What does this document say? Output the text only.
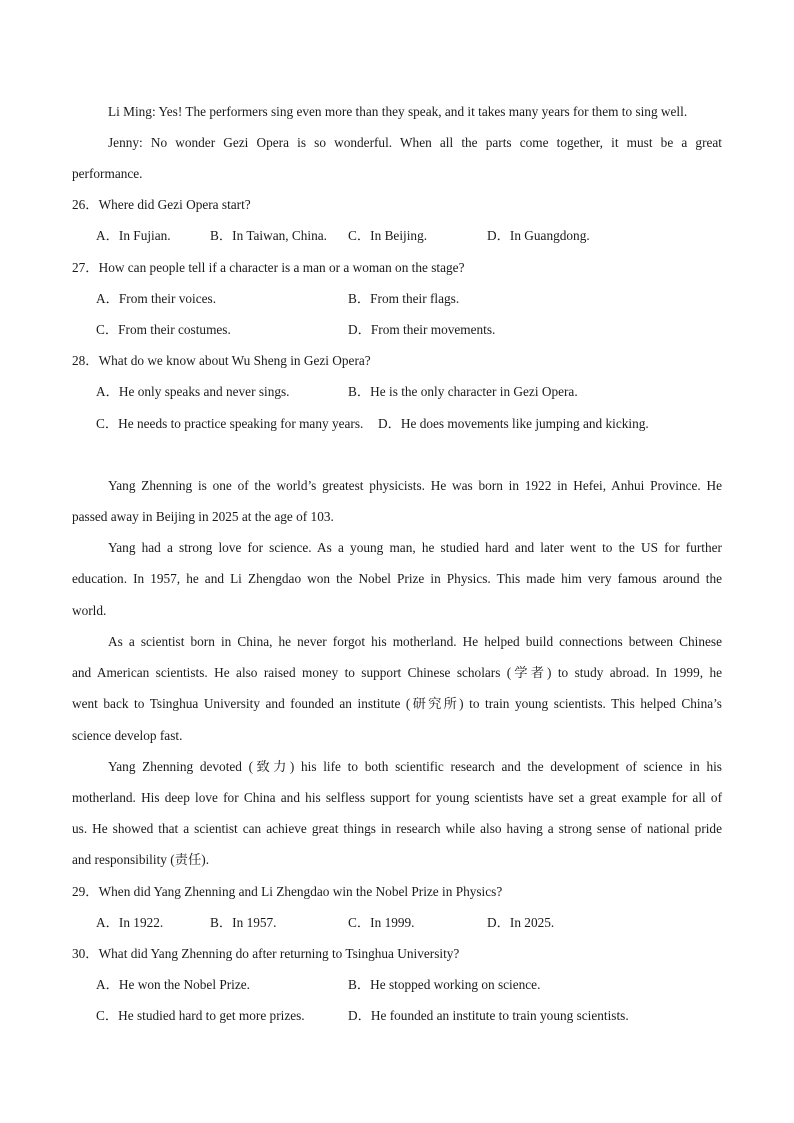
Li Ming: Yes! The performers sing even more than they speak, and it takes many years for them to sing well.
Jenny: No wonder Gezi Opera is so wonderful. When all the parts come together, it must be a great
performance.
26．Where did Gezi Opera start?
A．In Fujian.	B．In Taiwan, China. C．In Beijing.	D．In Guangdong.
27．How can people tell if a character is a man or a woman on the stage?
A．From their voices.	B．From their flags.
C．From their costumes.	D．From their movements.
28．What do we know about Wu Sheng in Gezi Opera?
A．He only speaks and never sings.	B．He is the only character in Gezi Opera.
C．He needs to practice speaking for many years. D．He does movements like jumping and kicking.
Yang Zhenning is one of the world’s greatest physicists. He was born in 1922 in Hefei, Anhui Province. He
passed away in Beijing in 2025 at the age of 103.
Yang had a strong love for science. As a young man, he studied hard and later went to the US for further
education. In 1957, he and Li Zhengdao won the Nobel Prize in Physics. This made him very famous around the
world.
As a scientist born in China, he never forgot his motherland. He helped build connections between Chinese
and American scientists. He also raised money to support Chinese scholars (学者) to study abroad. In 1999, he
went back to Tsinghua University and founded an institute (研究所) to train young scientists. This helped China’s
science develop fast.
Yang Zhenning devoted (致力) his life to both scientific research and the development of science in his
motherland. His deep love for China and his selfless support for young scientists have set a great example for all of
us. He showed that a scientist can achieve great things in research while also having a strong sense of national pride
and responsibility (责任).
29．When did Yang Zhenning and Li Zhengdao win the Nobel Prize in Physics?
A．In 1922.	B．In 1957.	C．In 1999.	D．In 2025.
30．What did Yang Zhenning do after returning to Tsinghua University?
A．He won the Nobel Prize.	B．He stopped working on science.
C．He studied hard to get more prizes.	D．He founded an institute to train young scientists.
